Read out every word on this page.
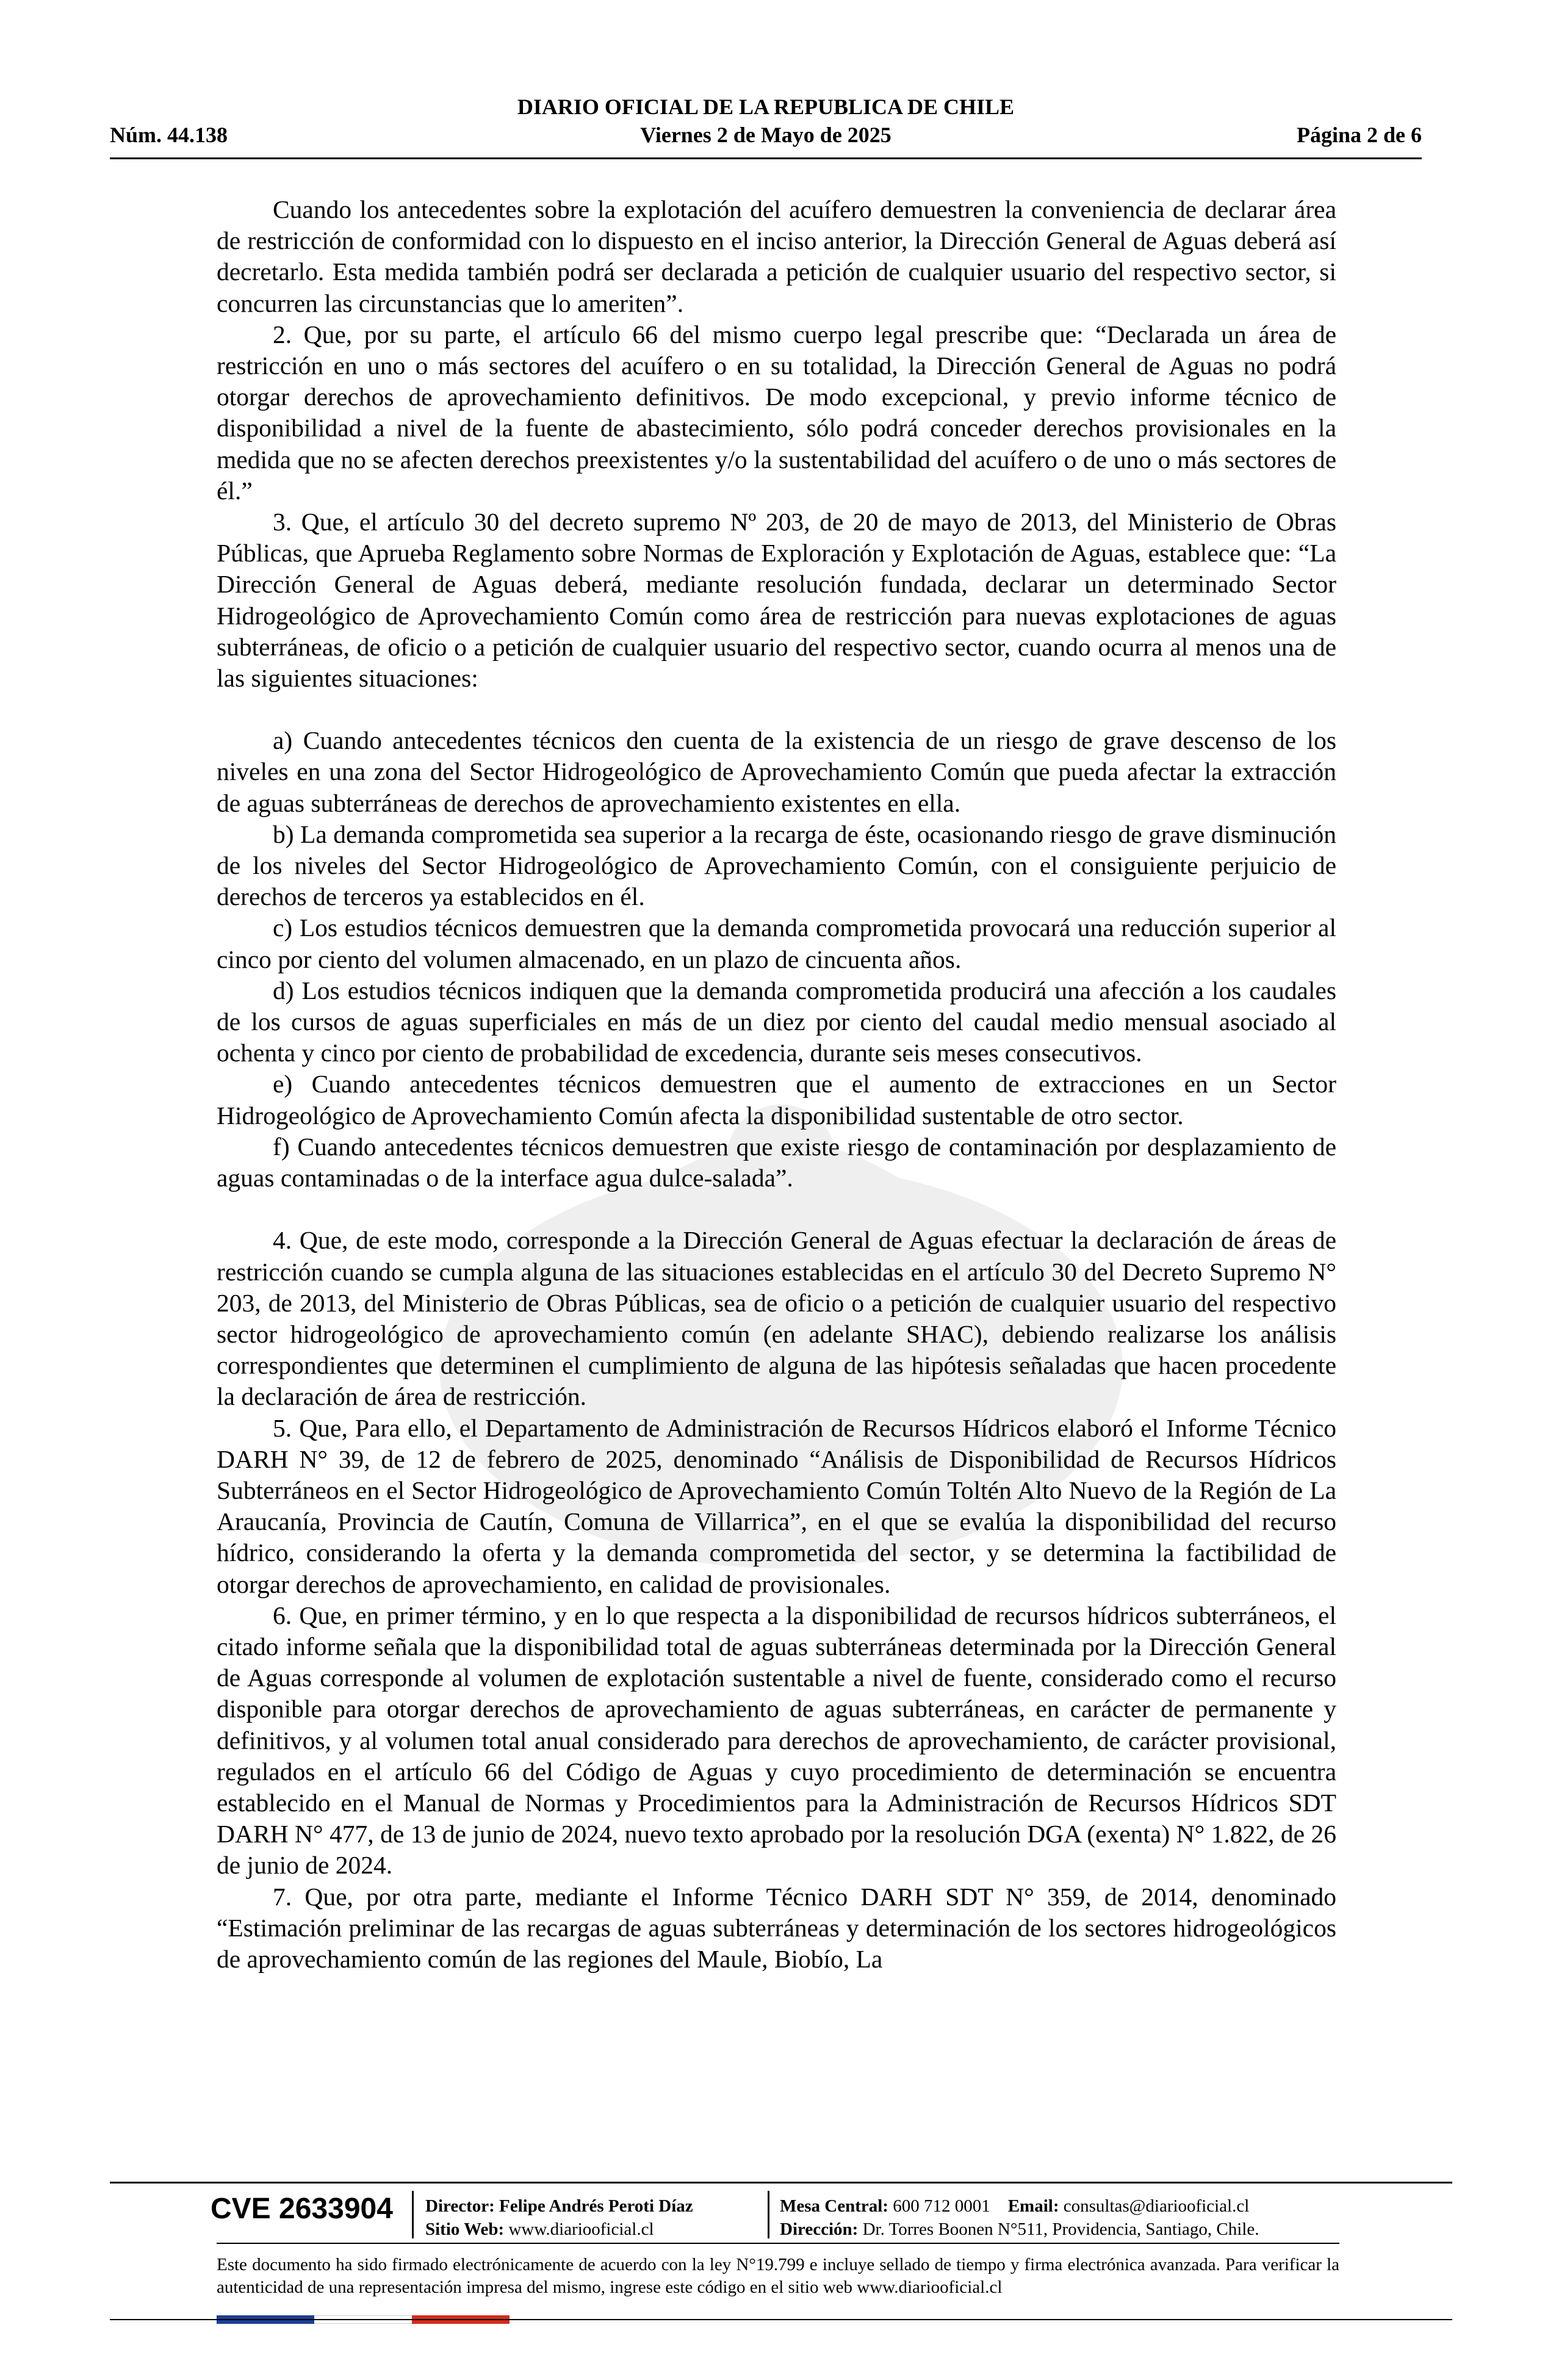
DIARIO OFICIAL DE LA REPUBLICA DE CHILE
Núm. 44.138	Viernes 2 de Mayo de 2025	Página 2 de 6

Cuando los antecedentes sobre la explotación del acuífero demuestren la conveniencia de declarar área de restricción de conformidad con lo dispuesto en el inciso anterior, la Dirección General de Aguas deberá así decretarlo. Esta medida también podrá ser declarada a petición de cualquier usuario del respectivo sector, si concurren las circunstancias que lo ameriten”.

2. Que, por su parte, el artículo 66 del mismo cuerpo legal prescribe que: “Declarada un área de restricción en uno o más sectores del acuífero o en su totalidad, la Dirección General de Aguas no podrá otorgar derechos de aprovechamiento definitivos. De modo excepcional, y previo informe técnico de disponibilidad a nivel de la fuente de abastecimiento, sólo podrá conceder derechos provisionales en la medida que no se afecten derechos preexistentes y/o la sustentabilidad del acuífero o de uno o más sectores de él.”

3. Que, el artículo 30 del decreto supremo Nº 203, de 20 de mayo de 2013, del Ministerio de Obras Públicas, que Aprueba Reglamento sobre Normas de Exploración y Explotación de Aguas, establece que: “La Dirección General de Aguas deberá, mediante resolución fundada, declarar un determinado Sector Hidrogeológico de Aprovechamiento Común como área de restricción para nuevas explotaciones de aguas subterráneas, de oficio o a petición de cualquier usuario del respectivo sector, cuando ocurra al menos una de las siguientes situaciones:

a) Cuando antecedentes técnicos den cuenta de la existencia de un riesgo de grave descenso de los niveles en una zona del Sector Hidrogeológico de Aprovechamiento Común que pueda afectar la extracción de aguas subterráneas de derechos de aprovechamiento existentes en ella.

b) La demanda comprometida sea superior a la recarga de éste, ocasionando riesgo de grave disminución de los niveles del Sector Hidrogeológico de Aprovechamiento Común, con el consiguiente perjuicio de derechos de terceros ya establecidos en él.

c) Los estudios técnicos demuestren que la demanda comprometida provocará una reducción superior al cinco por ciento del volumen almacenado, en un plazo de cincuenta años.

d) Los estudios técnicos indiquen que la demanda comprometida producirá una afección a los caudales de los cursos de aguas superficiales en más de un diez por ciento del caudal medio mensual asociado al ochenta y cinco por ciento de probabilidad de excedencia, durante seis meses consecutivos.

e) Cuando antecedentes técnicos demuestren que el aumento de extracciones en un Sector Hidrogeológico de Aprovechamiento Común afecta la disponibilidad sustentable de otro sector.

f) Cuando antecedentes técnicos demuestren que existe riesgo de contaminación por desplazamiento de aguas contaminadas o de la interface agua dulce-salada”.

4. Que, de este modo, corresponde a la Dirección General de Aguas efectuar la declaración de áreas de restricción cuando se cumpla alguna de las situaciones establecidas en el artículo 30 del Decreto Supremo N° 203, de 2013, del Ministerio de Obras Públicas, sea de oficio o a petición de cualquier usuario del respectivo sector hidrogeológico de aprovechamiento común (en adelante SHAC), debiendo realizarse los análisis correspondientes que determinen el cumplimiento de alguna de las hipótesis señaladas que hacen procedente la declaración de área de restricción.

5. Que, Para ello, el Departamento de Administración de Recursos Hídricos elaboró el Informe Técnico DARH N° 39, de 12 de febrero de 2025, denominado “Análisis de Disponibilidad de Recursos Hídricos Subterráneos en el Sector Hidrogeológico de Aprovechamiento Común Toltén Alto Nuevo de la Región de La Araucanía, Provincia de Cautín, Comuna de Villarrica”, en el que se evalúa la disponibilidad del recurso hídrico, considerando la oferta y la demanda comprometida del sector, y se determina la factibilidad de otorgar derechos de aprovechamiento, en calidad de provisionales.

6. Que, en primer término, y en lo que respecta a la disponibilidad de recursos hídricos subterráneos, el citado informe señala que la disponibilidad total de aguas subterráneas determinada por la Dirección General de Aguas corresponde al volumen de explotación sustentable a nivel de fuente, considerado como el recurso disponible para otorgar derechos de aprovechamiento de aguas subterráneas, en carácter de permanente y definitivos, y al volumen total anual considerado para derechos de aprovechamiento, de carácter provisional, regulados en el artículo 66 del Código de Aguas y cuyo procedimiento de determinación se encuentra establecido en el Manual de Normas y Procedimientos para la Administración de Recursos Hídricos SDT DARH N° 477, de 13 de junio de 2024, nuevo texto aprobado por la resolución DGA (exenta) N° 1.822, de 26 de junio de 2024.

7. Que, por otra parte, mediante el Informe Técnico DARH SDT N° 359, de 2014, denominado “Estimación preliminar de las recargas de aguas subterráneas y determinación de los sectores hidrogeológicos de aprovechamiento común de las regiones del Maule, Biobío, La

CVE 2633904 Director: Felipe Andrés Peroti Díaz
Sitio Web: www.diariooficial.cl
Mesa Central: 600 712 0001 Email: consultas@diariooficial.cl
Dirección: Dr. Torres Boonen N°511, Providencia, Santiago, Chile.
Este documento ha sido firmado electrónicamente de acuerdo con la ley N°19.799 e incluye sellado de tiempo y firma electrónica avanzada. Para verificar la autenticidad de una representación impresa del mismo, ingrese este código en el sitio web www.diariooficial.cl
